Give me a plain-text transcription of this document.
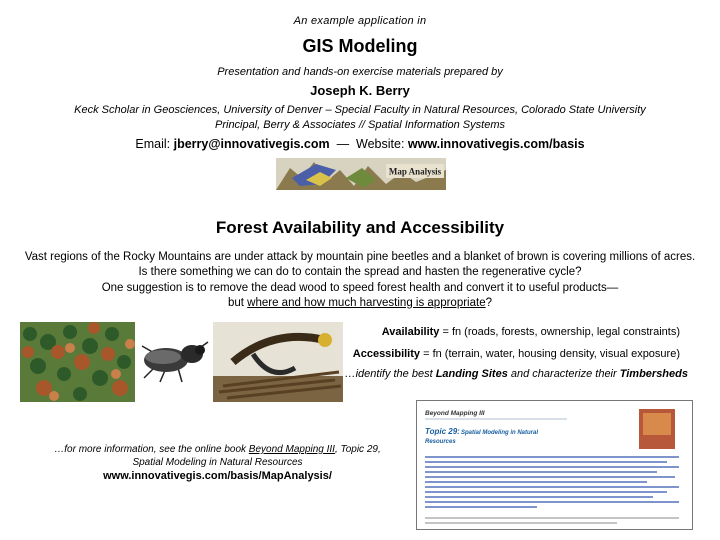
An example application in
GIS Modeling
Presentation and hands-on exercise materials prepared by
Joseph K. Berry
Keck Scholar in Geosciences, University of Denver – Special Faculty in Natural Resources, Colorado State University
Principal, Berry & Associates // Spatial Information Systems
Email: jberry@innovativegis.com — Website: www.innovativegis.com/basis
Map Analysis
Forest Availability and Accessibility
Vast regions of the Rocky Mountains are under attack by mountain pine beetles and a blanket of brown is covering millions of acres. Is there something we can do to contain the spread and hasten the regenerative cycle?
One suggestion is to remove the dead wood to speed forest health and convert it to useful products—
but where and how much harvesting is appropriate?
Availability = fn (roads, forests, ownership, legal constraints)
Accessibility = fn (terrain, water, housing density, visual exposure)
…identify the best Landing Sites and characterize their Timbersheds
…for more information, see the online book Beyond Mapping III, Topic 29,
Spatial Modeling in Natural Resources
www.innovativegis.com/basis/MapAnalysis/
Beyond Mapping III
Topic 29: Spatial Modeling in Natural
Resources
